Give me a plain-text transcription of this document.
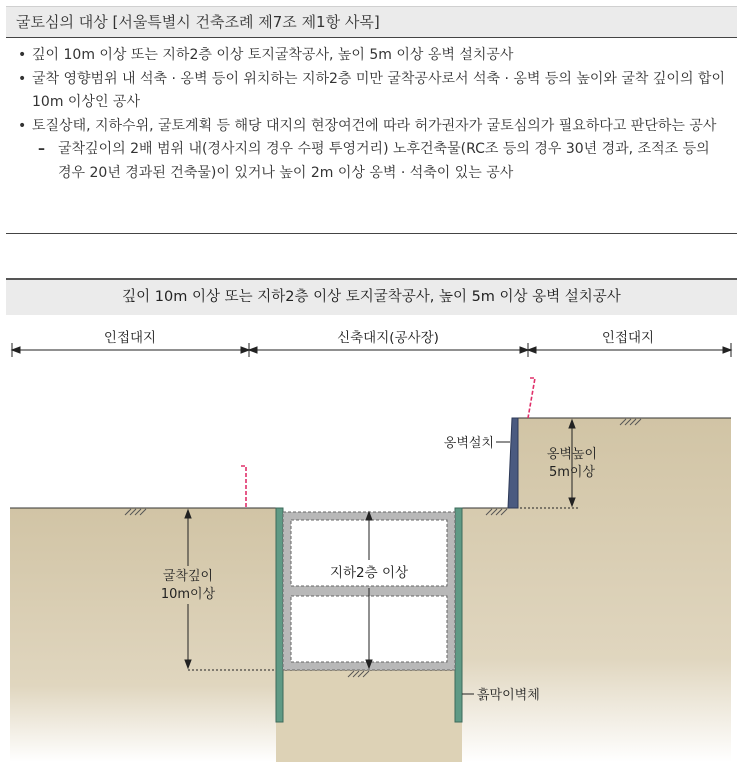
굴토심의 대상 [서울특별시 건축조례 제7조 제1항 사목]
• 깊이 10m 이상 또는 지하2층 이상 토지굴착공사, 높이 5m 이상 옹벽 설치공사
• 굴착 영향범위 내 석축 · 옹벽 등이 위치하는 지하2층 미만 굴착공사로서 석축 · 옹벽 등의 높이와 굴착 깊이의 합이 10m 이상인 공사
• 토질상태, 지하수위, 굴토계획 등 해당 대지의 현장여건에 따라 허가권자가 굴토심의가 필요하다고 판단하는 공사
– 굴착깊이의 2배 범위 내(경사지의 경우 수평 투영거리) 노후건축물(RC조 등의 경우 30년 경과, 조적조 등의 경우 20년 경과된 건축물)이 있거나 높이 2m 이상 옹벽 · 석축이 있는 공사
깊이 10m 이상 또는 지하2층 이상 토지굴착공사, 높이 5m 이상 옹벽 설치공사
인접대지	신축대지(공사장)	인접대지
옹벽설치
옹벽높이
5m이상
지하2층 이상
굴착깊이
10m이상
흙막이벽체
